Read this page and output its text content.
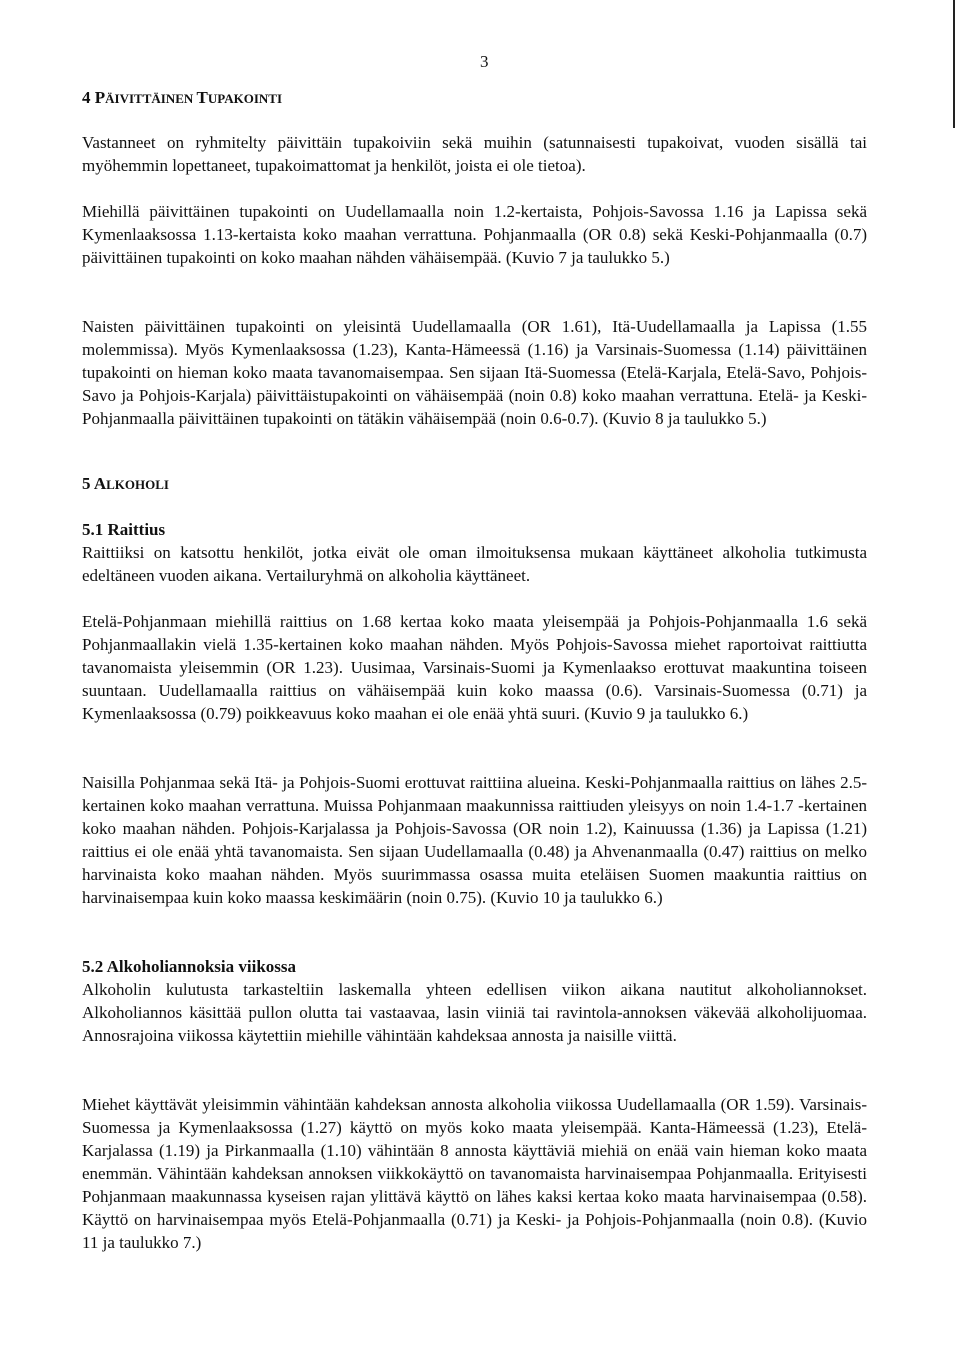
3
4 PÄIVITTÄINEN TUPAKOINTI

Vastanneet on ryhmitelty päivittäin tupakoiviin sekä muihin (satunnaisesti tupakoivat, vuoden sisällä tai myöhemmin lopettaneet, tupakoimattomat ja henkilöt, joista ei ole tietoa).

Miehillä päivittäinen tupakointi on Uudellamaalla noin 1.2-kertaista, Pohjois-Savossa 1.16 ja Lapissa sekä Kymenlaaksossa 1.13-kertaista koko maahan verrattuna. Pohjanmaalla (OR 0.8) sekä Keski-Pohjanmaalla (0.7) päivittäinen tupakointi on koko maahan nähden vähäisempää. (Kuvio 7 ja taulukko 5.)

Naisten päivittäinen tupakointi on yleisintä Uudellamaalla (OR 1.61), Itä-Uudellamaalla ja Lapissa (1.55 molemmissa). Myös Kymenlaaksossa (1.23), Kanta-Hämeessä (1.16) ja Varsinais-Suomessa (1.14) päivittäinen tupakointi on hieman koko maata tavanomaisempaa. Sen sijaan Itä-Suomessa (Etelä-Karjala, Etelä-Savo, Pohjois-Savo ja Pohjois-Karjala) päivittäistupakointi on vähäisempää (noin 0.8) koko maahan verrattuna. Etelä- ja Keski-Pohjanmaalla päivittäinen tupakointi on tätäkin vähäisempää (noin 0.6-0.7). (Kuvio 8 ja taulukko 5.)

5 ALKOHOLI
5.1 Raittius

Raittiiksi on katsottu henkilöt, jotka eivät ole oman ilmoituksensa mukaan käyttäneet alkoholia tutkimusta edeltäneen vuoden aikana. Vertailuryhmä on alkoholia käyttäneet.

Etelä-Pohjanmaan miehillä raittius on 1.68 kertaa koko maata yleisempää ja Pohjois-Pohjanmaalla 1.6 sekä Pohjanmaallakin vielä 1.35-kertainen koko maahan nähden. Myös Pohjois-Savossa miehet raportoivat raittiutta tavanomaista yleisemmin (OR 1.23). Uusimaa, Varsinais-Suomi ja Kymenlaakso erottuvat maakuntina toiseen suuntaan. Uudellamaalla raittius on vähäisempää kuin koko maassa (0.6). Varsinais-Suomessa (0.71) ja Kymenlaaksossa (0.79) poikkeavuus koko maahan ei ole enää yhtä suuri. (Kuvio 9 ja taulukko 6.)

Naisilla Pohjanmaa sekä Itä- ja Pohjois-Suomi erottuvat raittiina alueina. Keski-Pohjanmaalla raittius on lähes 2.5-kertainen koko maahan verrattuna. Muissa Pohjanmaan maakunnissa raittiuden yleisyys on noin 1.4-1.7 -kertainen koko maahan nähden. Pohjois-Karjalassa ja Pohjois-Savossa (OR noin 1.2), Kainuussa (1.36) ja Lapissa (1.21) raittius ei ole enää yhtä tavanomaista. Sen sijaan Uudellamaalla (0.48) ja Ahvenanmaalla (0.47) raittius on melko harvinaista koko maahan nähden. Myös suurimmassa osassa muita eteläisen Suomen maakuntia raittius on harvinaisempaa kuin koko maassa keskimäärin (noin 0.75). (Kuvio 10 ja taulukko 6.)

5.2 Alkoholiannoksia viikossa

Alkoholin kulutusta tarkasteltiin laskemalla yhteen edellisen viikon aikana nautitut alkoholiannokset. Alkoholiannos käsittää pullon olutta tai vastaavaa, lasin viiniä tai ravintola-annoksen väkevää alkoholijuomaa. Annosrajoina viikossa käytettiin miehille vähintään kahdeksaa annosta ja naisille viittä.

Miehet käyttävät yleisimmin vähintään kahdeksan annosta alkoholia viikossa Uudellamaalla (OR 1.59). Varsinais-Suomessa ja Kymenlaaksossa (1.27) käyttö on myös koko maata yleisempää. Kanta-Hämeessä (1.23), Etelä-Karjalassa (1.19) ja Pirkanmaalla (1.10) vähintään 8 annosta käyttäviä miehiä on enää vain hieman koko maata enemmän. Vähintään kahdeksan annoksen viikkokäyttö on tavanomaista harvinaisempaa Pohjanmaalla. Erityisesti Pohjanmaan maakunnassa kyseisen rajan ylittävä käyttö on lähes kaksi kertaa koko maata harvinaisempaa (0.58). Käyttö on harvinaisempaa myös Etelä-Pohjanmaalla (0.71) ja Keski- ja Pohjois-Pohjanmaalla (noin 0.8). (Kuvio 11 ja taulukko 7.)
